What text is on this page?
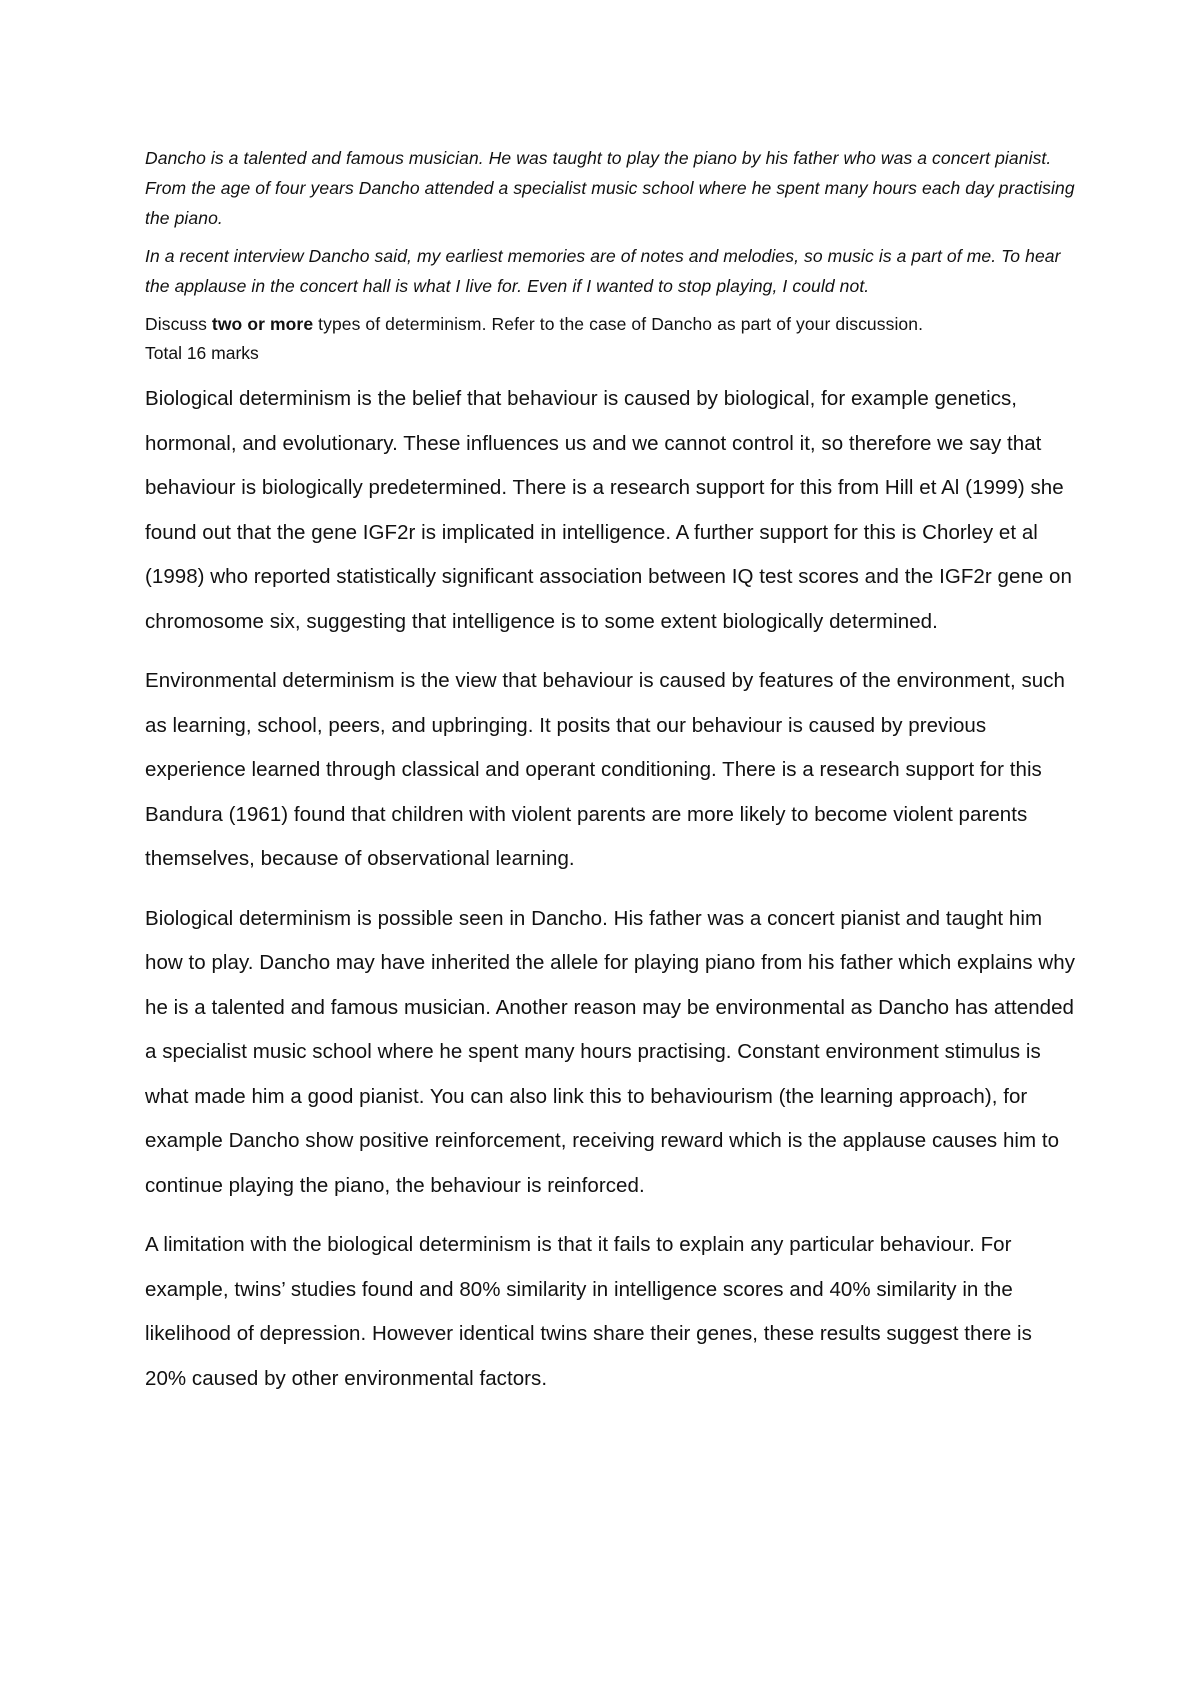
Dancho is a talented and famous musician. He was taught to play the piano by his father who was a concert pianist. From the age of four years Dancho attended a specialist music school where he spent many hours each day practising the piano.

In a recent interview Dancho said, my earliest memories are of notes and melodies, so music is a part of me. To hear the applause in the concert hall is what I live for. Even if I wanted to stop playing, I could not.

Discuss two or more types of determinism. Refer to the case of Dancho as part of your discussion.

Total 16 marks

Biological determinism is the belief that behaviour is caused by biological, for example genetics, hormonal, and evolutionary. These influences us and we cannot control it, so therefore we say that behaviour is biologically predetermined. There is a research support for this from Hill et Al (1999) she found out that the gene IGF2r is implicated in intelligence. A further support for this is Chorley et al (1998) who reported statistically significant association between IQ test scores and the IGF2r gene on chromosome six, suggesting that intelligence is to some extent biologically determined.

Environmental determinism is the view that behaviour is caused by features of the environment, such as learning, school, peers, and upbringing. It posits that our behaviour is caused by previous experience learned through classical and operant conditioning. There is a research support for this Bandura (1961) found that children with violent parents are more likely to become violent parents themselves, because of observational learning.

Biological determinism is possible seen in Dancho. His father was a concert pianist and taught him how to play. Dancho may have inherited the allele for playing piano from his father which explains why he is a talented and famous musician. Another reason may be environmental as Dancho has attended a specialist music school where he spent many hours practising. Constant environment stimulus is what made him a good pianist. You can also link this to behaviourism (the learning approach), for example Dancho show positive reinforcement, receiving reward which is the applause causes him to continue playing the piano, the behaviour is reinforced.

A limitation with the biological determinism is that it fails to explain any particular behaviour. For example, twins’ studies found and 80% similarity in intelligence scores and 40% similarity in the likelihood of depression. However identical twins share their genes, these results suggest there is 20% caused by other environmental factors.
